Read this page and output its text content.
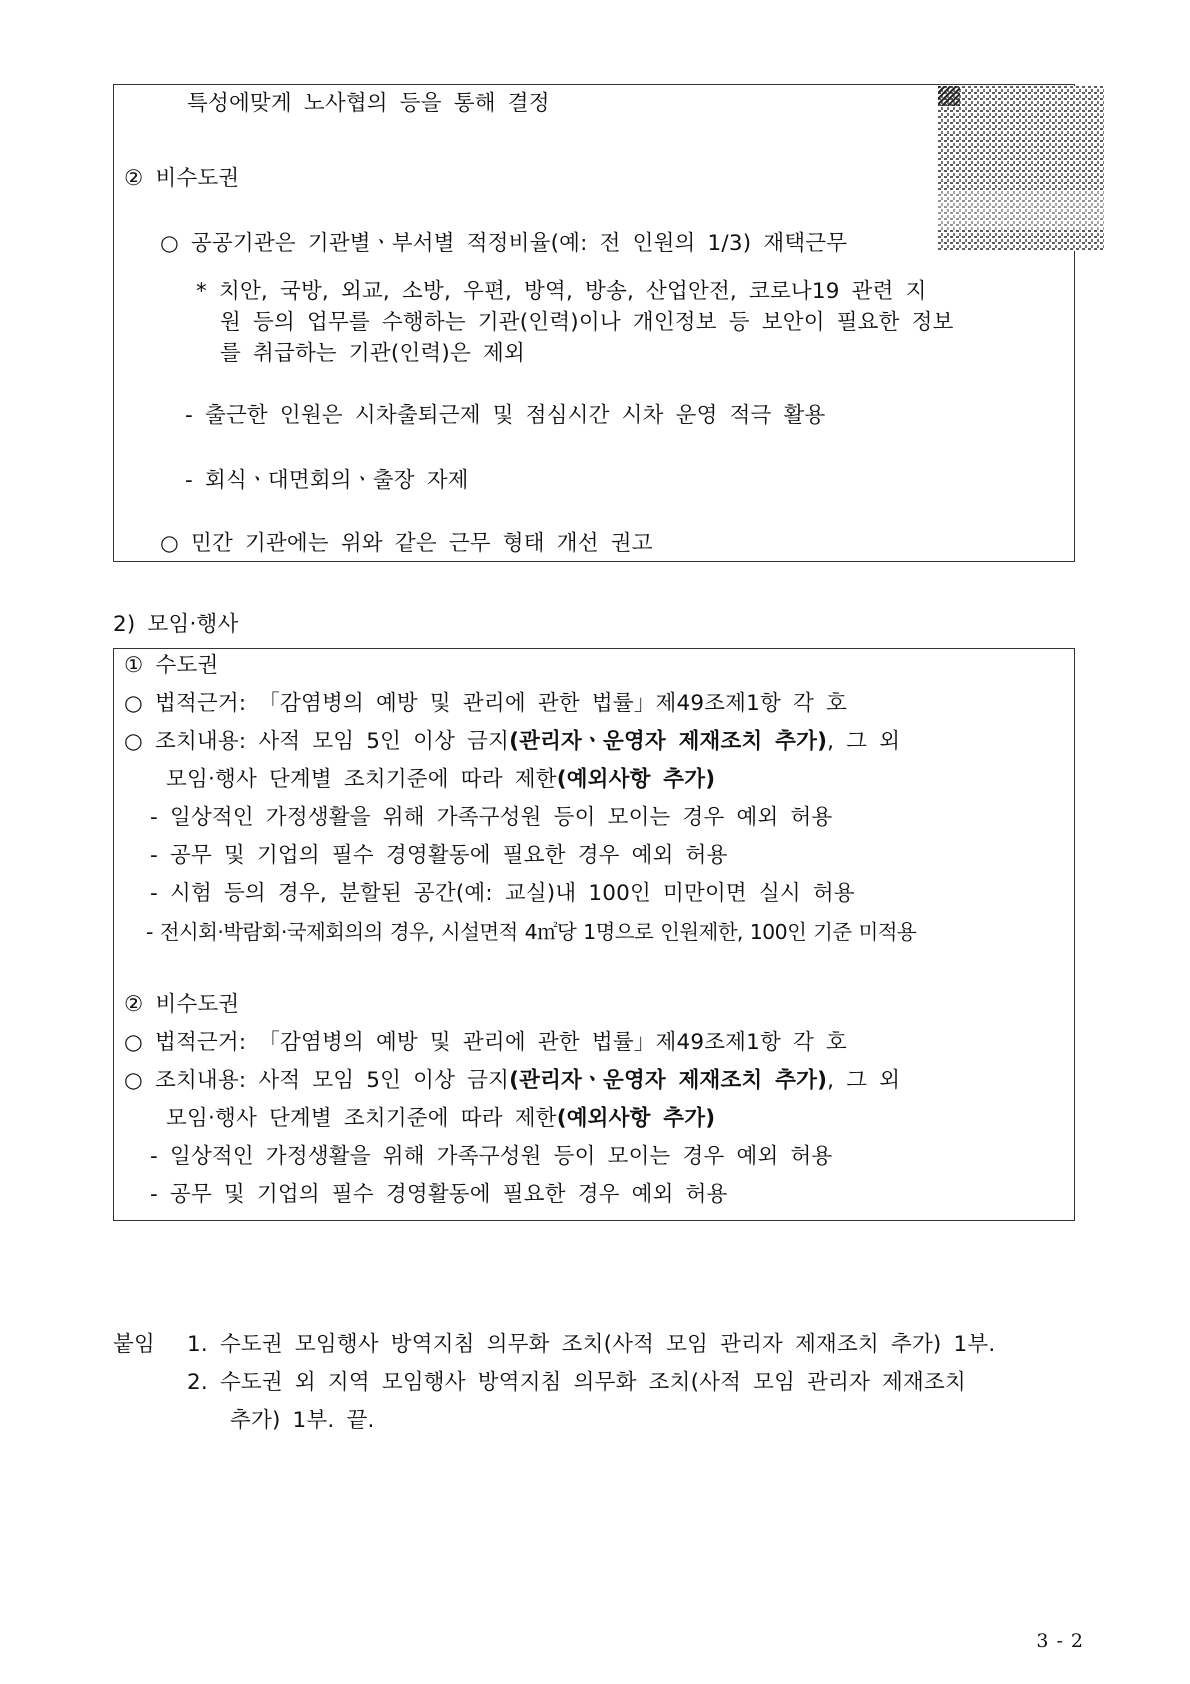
특성에맞게 노사협의 등을 통해 결정
② 비수도권
○ 공공기관은 기관별ㆍ부서별 적정비율(예: 전 인원의 1/3) 재택근무
* 치안, 국방, 외교, 소방, 우편, 방역, 방송, 산업안전, 코로나19 관련 지
원 등의 업무를 수행하는 기관(인력)이나 개인정보 등 보안이 필요한 정보
를 취급하는 기관(인력)은 제외
- 출근한 인원은 시차출퇴근제 및 점심시간 시차 운영 적극 활용
- 회식ㆍ대면회의ㆍ출장 자제
○ 민간 기관에는 위와 같은 근무 형태 개선 권고
2) 모임‧행사
① 수도권
○ 법적근거: 「감염병의 예방 및 관리에 관한 법률」제49조제1항 각 호
○ 조치내용: 사적 모임 5인 이상 금지(관리자ㆍ운영자 제재조치 추가), 그 외
모임‧행사 단계별 조치기준에 따라 제한(예외사항 추가)
- 일상적인 가정생활을 위해 가족구성원 등이 모이는 경우 예외 허용
- 공무 및 기업의 필수 경영활동에 필요한 경우 예외 허용
- 시험 등의 경우, 분할된 공간(예: 교실)내 100인 미만이면 실시 허용
- 전시회‧박람회‧국제회의의 경우, 시설면적 4㎡당 1명으로 인원제한, 100인 기준 미적용
② 비수도권
○ 법적근거: 「감염병의 예방 및 관리에 관한 법률」제49조제1항 각 호
○ 조치내용: 사적 모임 5인 이상 금지(관리자ㆍ운영자 제재조치 추가), 그 외
모임‧행사 단계별 조치기준에 따라 제한(예외사항 추가)
- 일상적인 가정생활을 위해 가족구성원 등이 모이는 경우 예외 허용
- 공무 및 기업의 필수 경영활동에 필요한 경우 예외 허용
붙임 1. 수도권 모임행사 방역지침 의무화 조치(사적 모임 관리자 제재조치 추가) 1부.
2. 수도권 외 지역 모임행사 방역지침 의무화 조치(사적 모임 관리자 제재조치
추가) 1부. 끝.
3 - 2
